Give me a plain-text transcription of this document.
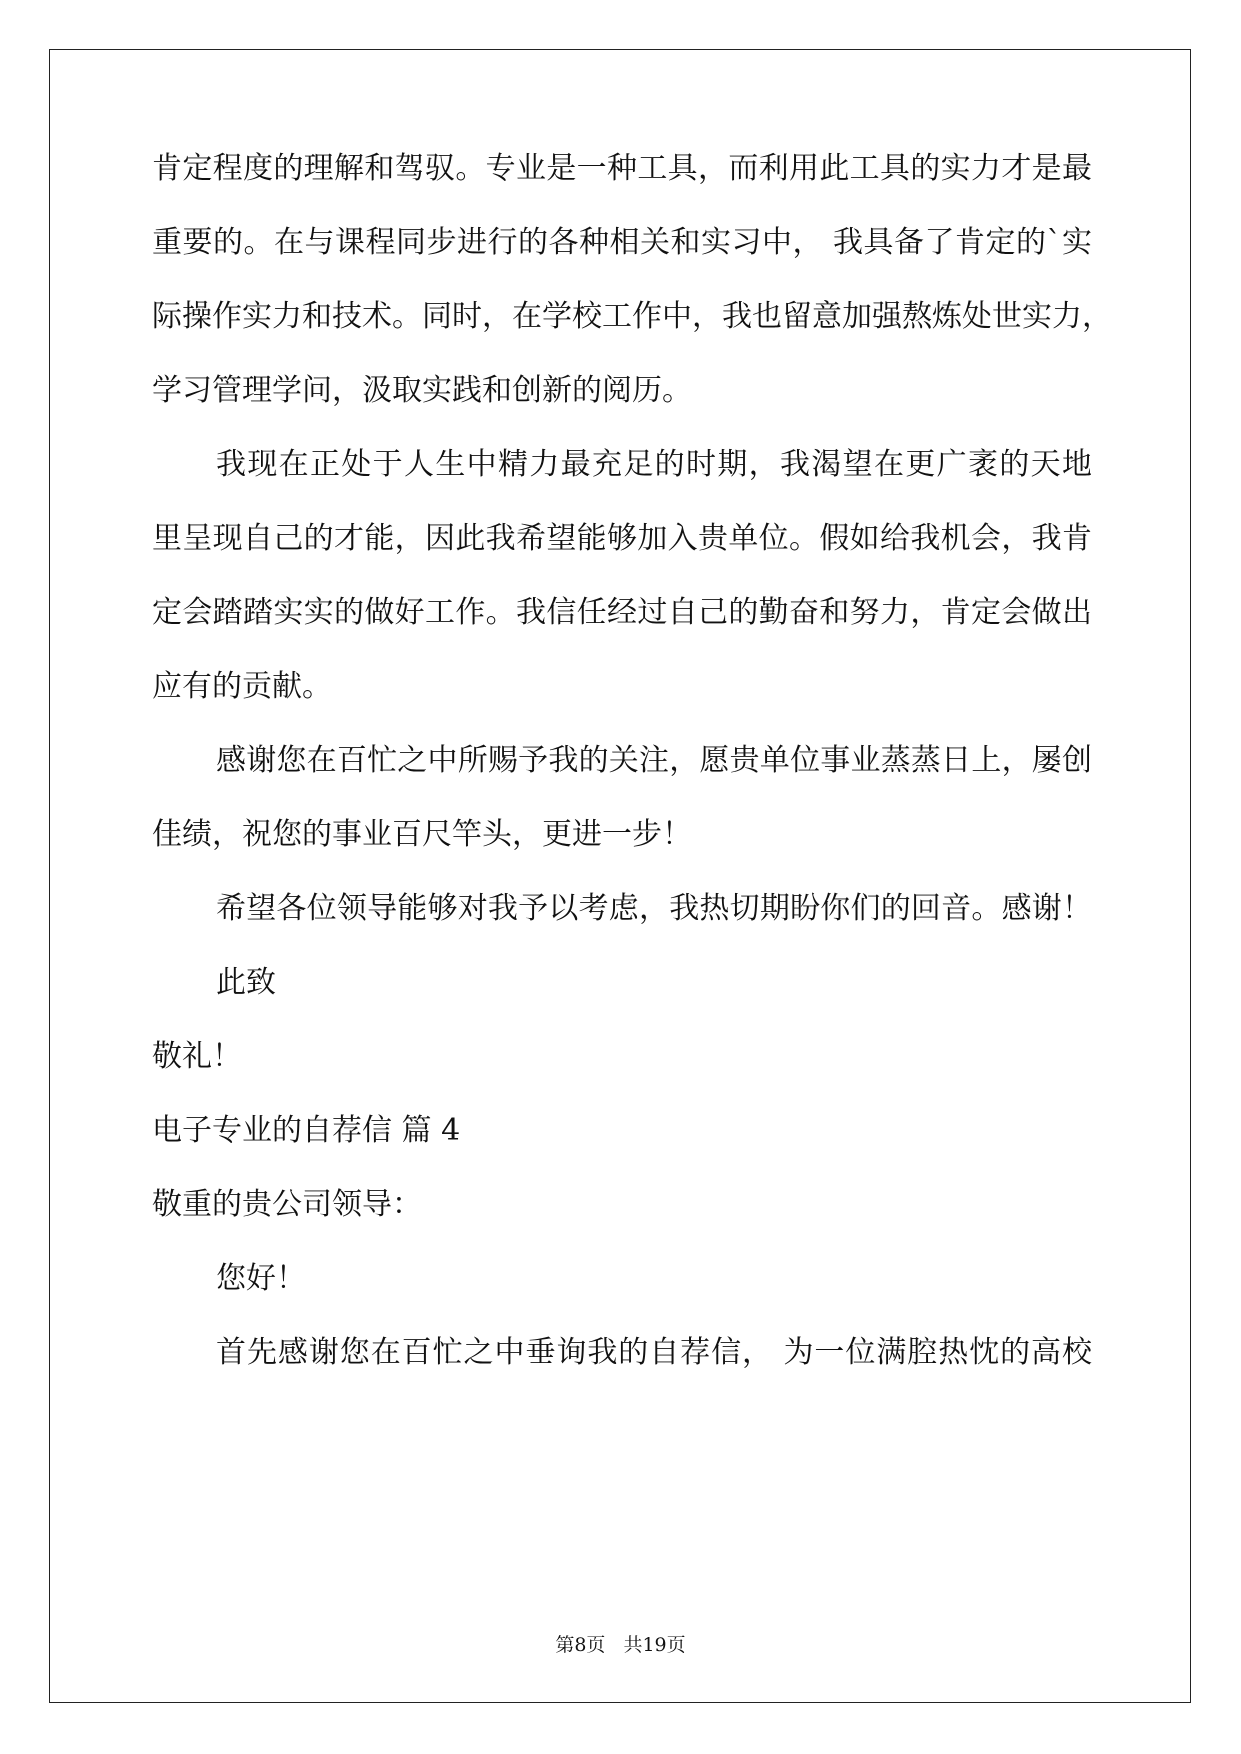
肯定程度的理解和驾驭。专业是一种工具，而利用此工具的实力才是最
重要的。在与课程同步进行的各种相关和实习中， 我具备了肯定的`实
际操作实力和技术。同时，在学校工作中，我也留意加强熬炼处世实力，
学习管理学问，汲取实践和创新的阅历。
我现在正处于人生中精力最充足的时期，我渴望在更广袤的天地
里呈现自己的才能，因此我希望能够加入贵单位。假如给我机会，我肯
定会踏踏实实的做好工作。我信任经过自己的勤奋和努力，肯定会做出
应有的贡献。
感谢您在百忙之中所赐予我的关注，愿贵单位事业蒸蒸日上，屡创
佳绩，祝您的事业百尺竿头，更进一步！
希望各位领导能够对我予以考虑，我热切期盼你们的回音。感谢！
此致
敬礼！
电子专业的自荐信 篇 4
敬重的贵公司领导：
您好！
首先感谢您在百忙之中垂询我的自荐信， 为一位满腔热忱的高校
第8页 共19页
